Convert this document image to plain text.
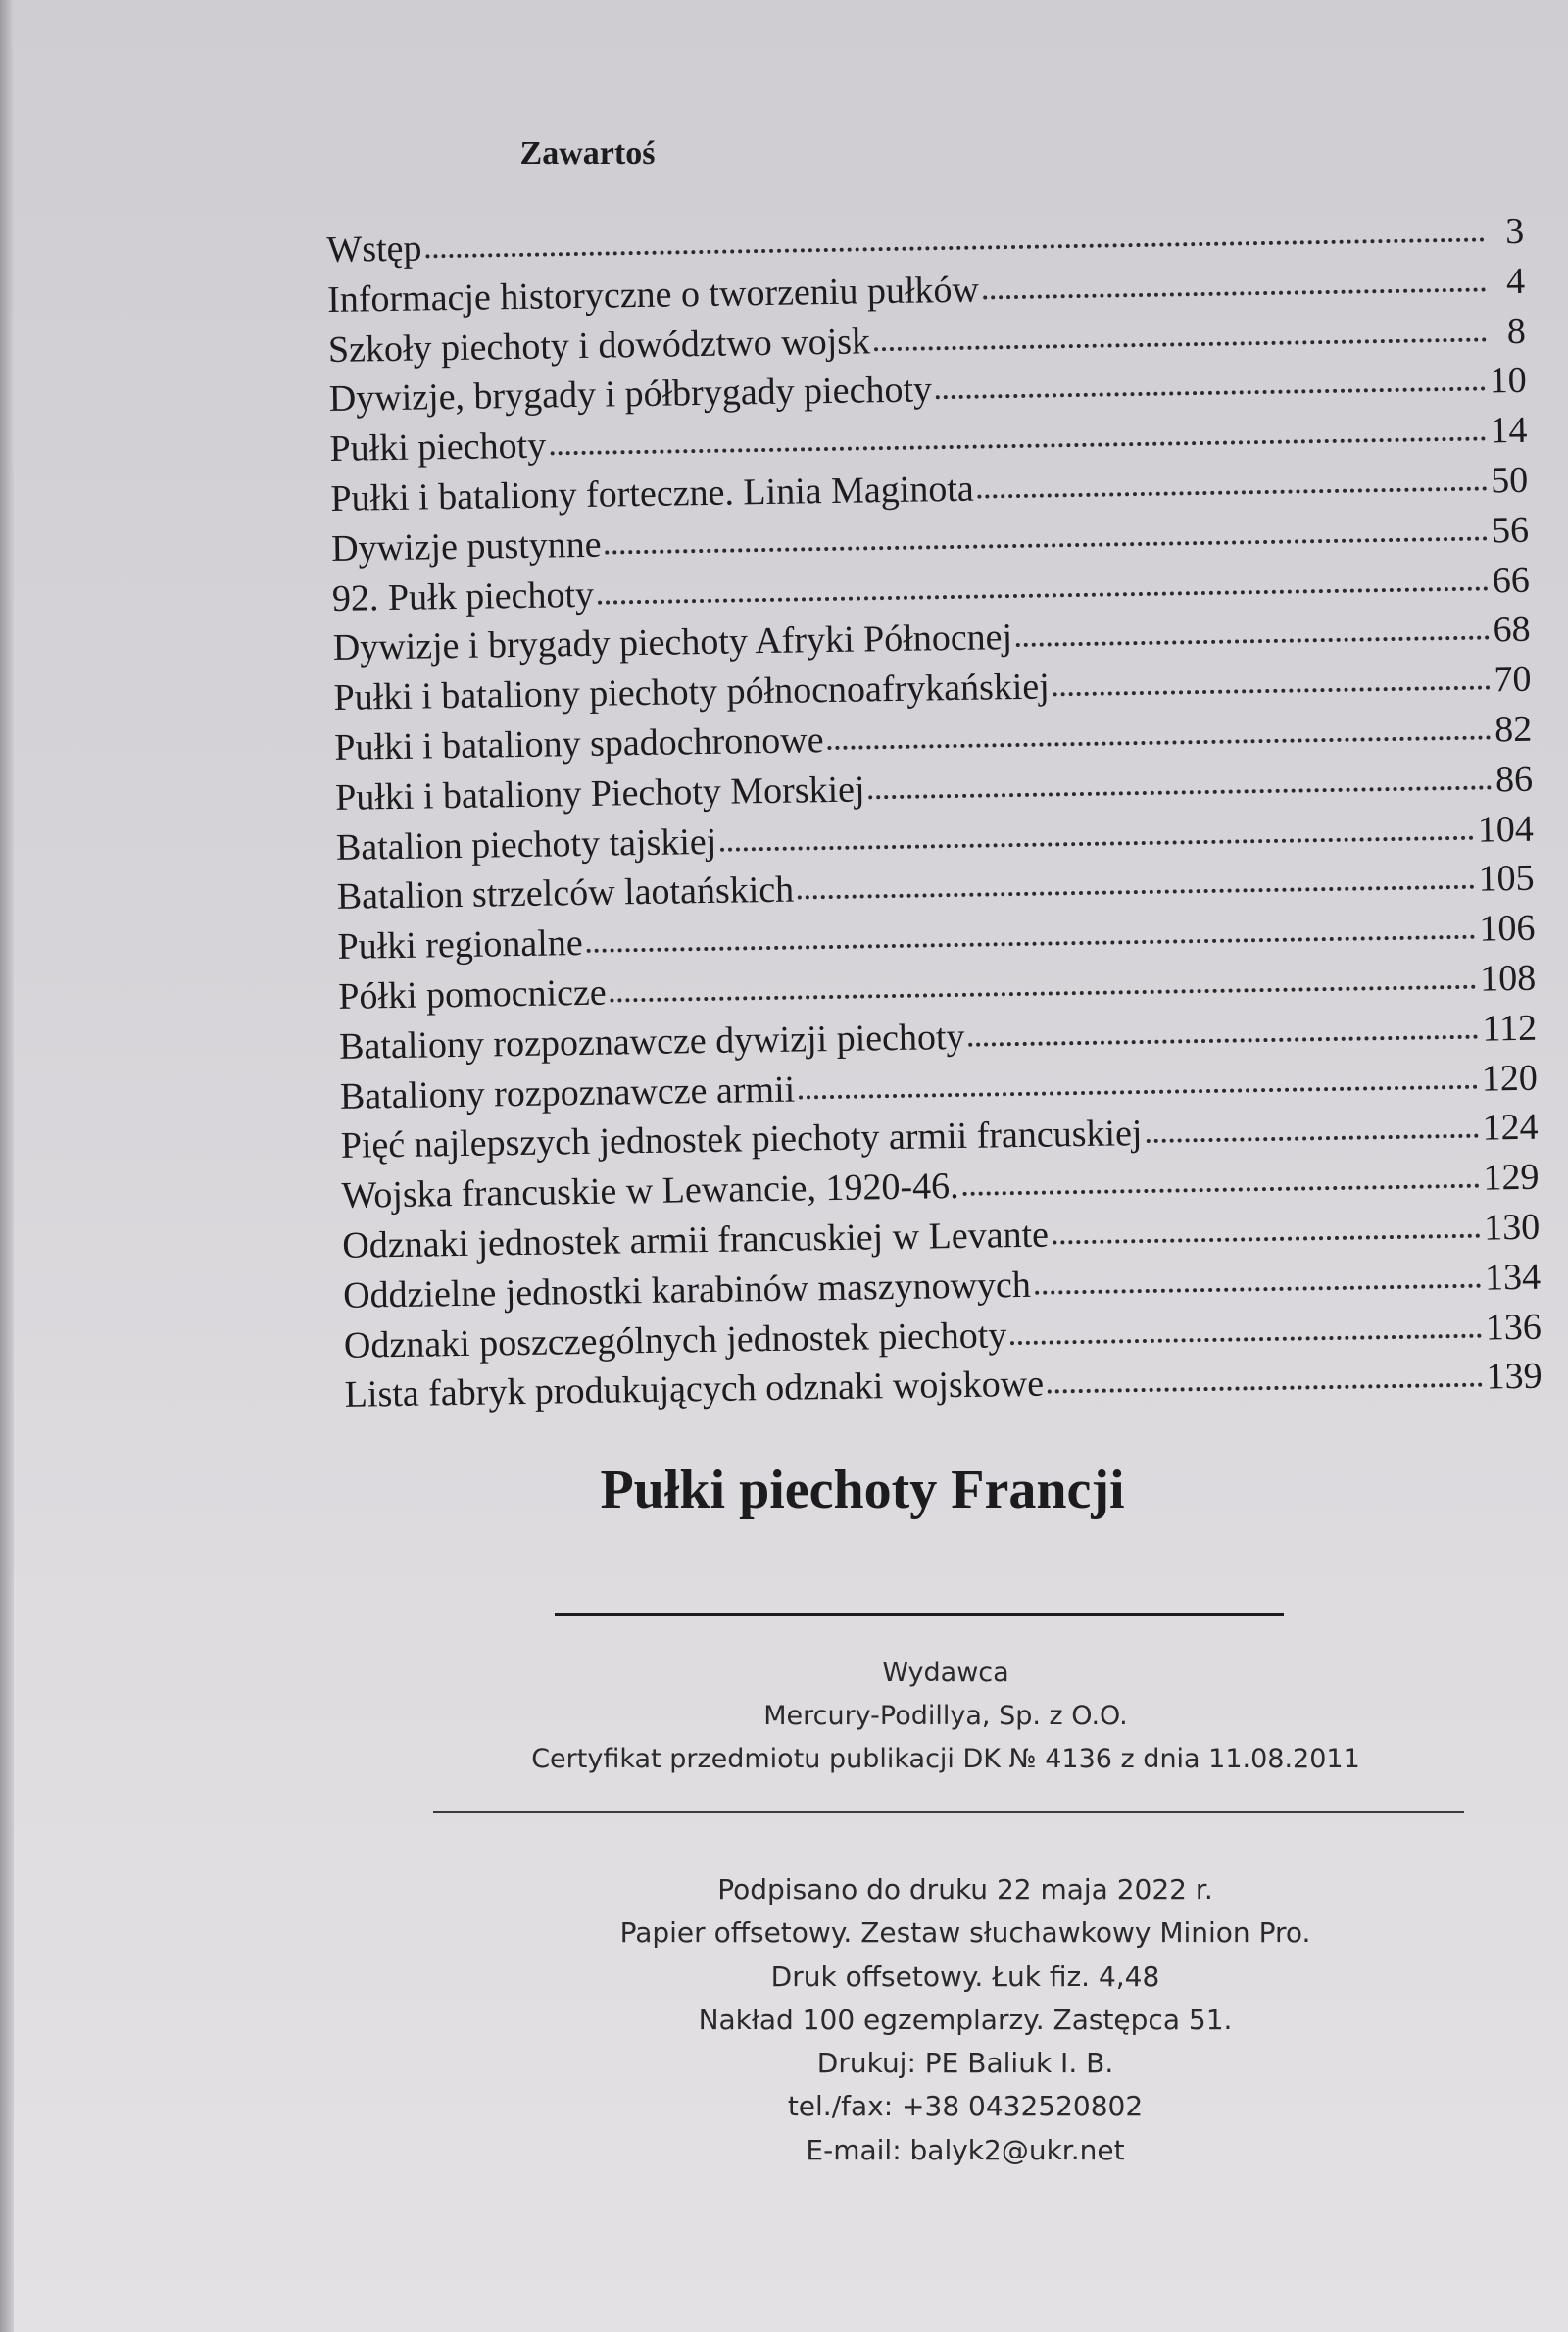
Zawartoś
Wstęp	3
Informacje historyczne o tworzeniu pułków	4
Szkoły piechoty i dowództwo wojsk	8
Dywizje, brygady i półbrygady piechoty	10
Pułki piechoty	14
Pułki i bataliony forteczne. Linia Maginota	50
Dywizje pustynne	56
92. Pułk piechoty	66
Dywizje i brygady piechoty Afryki Północnej	68
Pułki i bataliony piechoty północnoafrykańskiej	70
Pułki i bataliony spadochronowe	82
Pułki i bataliony Piechoty Morskiej	86
Batalion piechoty tajskiej	104
Batalion strzelców laotańskich	105
Pułki regionalne	106
Półki pomocnicze	108
Bataliony rozpoznawcze dywizji piechoty	112
Bataliony rozpoznawcze armii	120
Pięć najlepszych jednostek piechoty armii francuskiej	124
Wojska francuskie w Lewancie, 1920-46.	129
Odznaki jednostek armii francuskiej w Levante	130
Oddzielne jednostki karabinów maszynowych	134
Odznaki poszczególnych jednostek piechoty	136
Lista fabryk produkujących odznaki wojskowe	139
Pułki piechoty Francji
Wydawca
Mercury-Podillya, Sp. z O.O.
Certyfikat przedmiotu publikacji DK № 4136 z dnia 11.08.2011
Podpisano do druku 22 maja 2022 r.
Papier offsetowy. Zestaw słuchawkowy Minion Pro.
Druk offsetowy. Łuk fiz. 4,48
Nakład 100 egzemplarzy. Zastępca 51.
Drukuj: PE Baliuk I. B.
tel./fax: +38 0432520802
E-mail: balyk2@ukr.net
